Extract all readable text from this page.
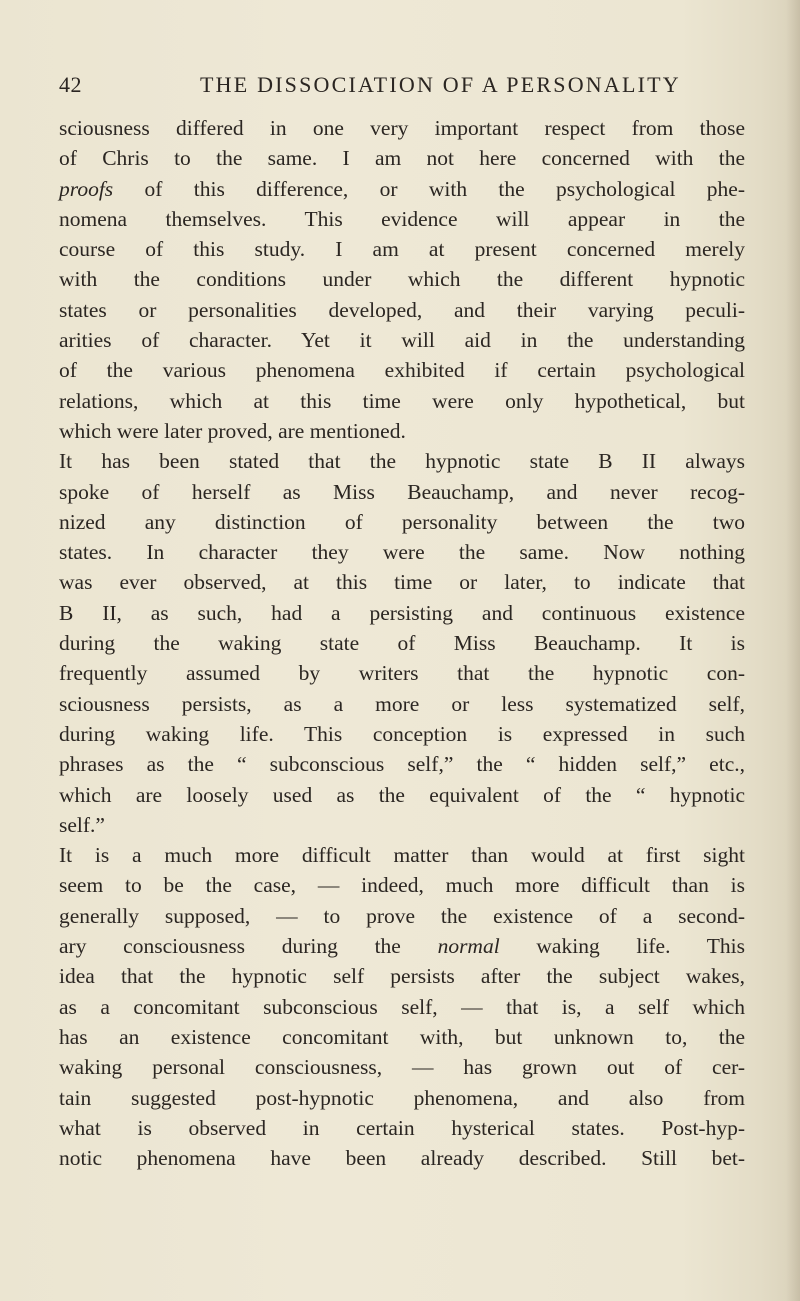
42	THE DISSOCIATION OF A PERSONALITY
sciousness differed in one very important respect from those
of Chris to the same. I am not here concerned with the
proofs of this difference, or with the psychological phe-
nomena themselves. This evidence will appear in the
course of this study. I am at present concerned merely
with the conditions under which the different hypnotic
states or personalities developed, and their varying peculi-
arities of character. Yet it will aid in the understanding
of the various phenomena exhibited if certain psychological
relations, which at this time were only hypothetical, but
which were later proved, are mentioned.
It has been stated that the hypnotic state B II always
spoke of herself as Miss Beauchamp, and never recog-
nized any distinction of personality between the two
states. In character they were the same. Now nothing
was ever observed, at this time or later, to indicate that
B II, as such, had a persisting and continuous existence
during the waking state of Miss Beauchamp. It is
frequently assumed by writers that the hypnotic con-
sciousness persists, as a more or less systematized self,
during waking life. This conception is expressed in such
phrases as the “ subconscious self,” the “ hidden self,” etc.,
which are loosely used as the equivalent of the “ hypnotic
self.”
It is a much more difficult matter than would at first sight
seem to be the case, — indeed, much more difficult than is
generally supposed, — to prove the existence of a second-
ary consciousness during the normal waking life. This
idea that the hypnotic self persists after the subject wakes,
as a concomitant subconscious self, — that is, a self which
has an existence concomitant with, but unknown to, the
waking personal consciousness, — has grown out of cer-
tain suggested post-hypnotic phenomena, and also from
what is observed in certain hysterical states. Post-hyp-
notic phenomena have been already described. Still bet-
